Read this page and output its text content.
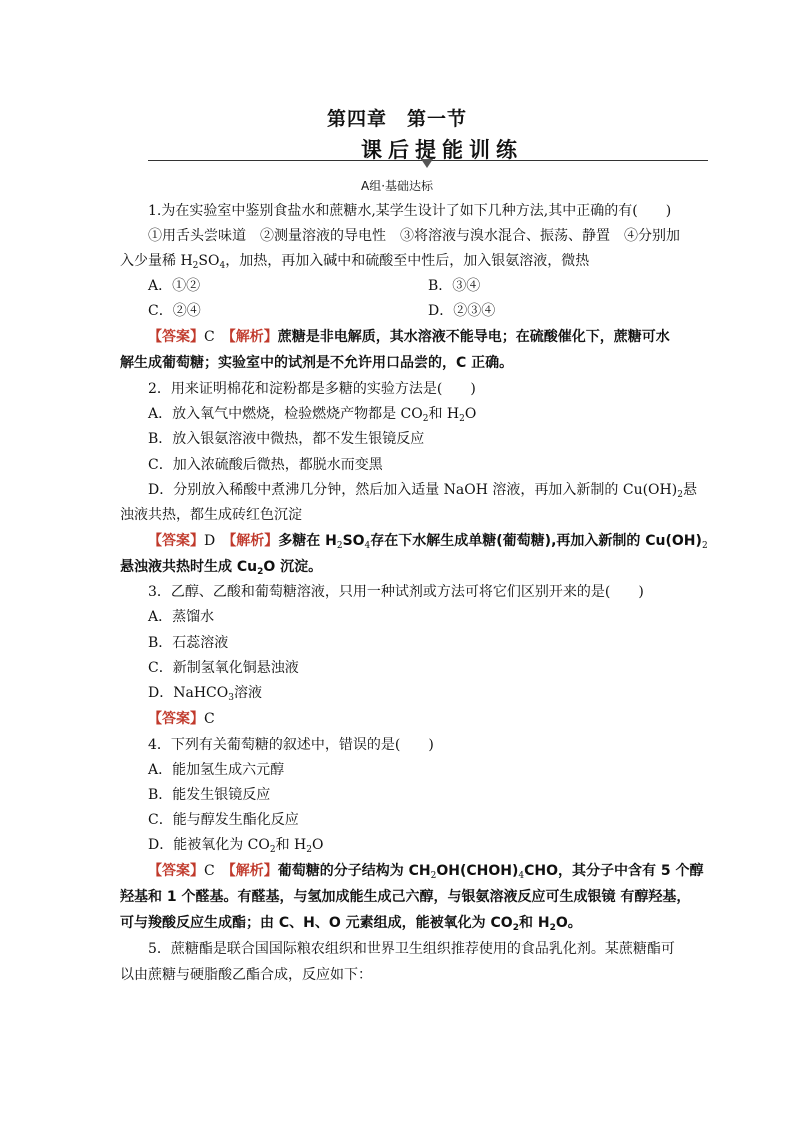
第四章　第一节
课后提能训练
A组·基础达标
1.为在实验室中鉴别食盐水和蔗糖水,某学生设计了如下几种方法,其中正确的有(　　)
①用舌头尝味道　②测量溶液的导电性　③将溶液与溴水混合、振荡、静置　④分别加
入少量稀 $H_2SO_4$，加热，再加入碱中和硫酸至中性后，加入银氨溶液，微热
A．①②	B．③④
C．②④	D．②③④
【答案】C　 【解析】蔗糖是非电解质，其水溶液不能导电；在硫酸催化下，蔗糖可水
解生成葡萄糖；实验室中的试剂是不允许用口品尝的，C 正确。
2．用来证明棉花和淀粉都是多糖的实验方法是(　　)
A．放入氧气中燃烧，检验燃烧产物都是 $CO_2$和 $H_2O$
B．放入银氨溶液中微热，都不发生银镜反应
C．加入浓硫酸后微热，都脱水而变黑
D．分别放入稀酸中煮沸几分钟，然后加入适量 NaOH 溶液，再加入新制的 $Cu(OH)_2$悬
浊液共热，都生成砖红色沉淀
【答案】D　 【解析】多糖在 $H_2SO_4$存在下水解生成单糖(葡萄糖),再加入新制的 $Cu(OH)_2$
悬浊液共热时生成 $Cu_2O$ 沉淀。
3．乙醇、乙酸和葡萄糖溶液，只用一种试剂或方法可将它们区别开来的是(　　)
A．蒸馏水
B．石蕊溶液
C．新制氢氧化铜悬浊液
D．NaHCO$_3$溶液
【答案】C
4．下列有关葡萄糖的叙述中，错误的是(　　)
A．能加氢生成六元醇
B．能发生银镜反应
C．能与醇发生酯化反应
D．能被氧化为 $CO_2$和 $H_2O$
【答案】C　 【解析】葡萄糖的分子结构为 $CH_2OH(CHOH)_4CHO$，其分子中含有 5 个醇
羟基和 1 个醛基。有醛基，与氢加成能生成己六醇，与银氨溶液反应可生成银镜 有醇羟基，
可与羧酸反应生成酯；由 C、H、O 元素组成，能被氧化为 $CO_2$和 $H_2O$。
5．蔗糖酯是联合国国际粮农组织和世界卫生组织推荐使用的食品乳化剂。某蔗糖酯可
以由蔗糖与硬脂酸乙酯合成，反应如下：
